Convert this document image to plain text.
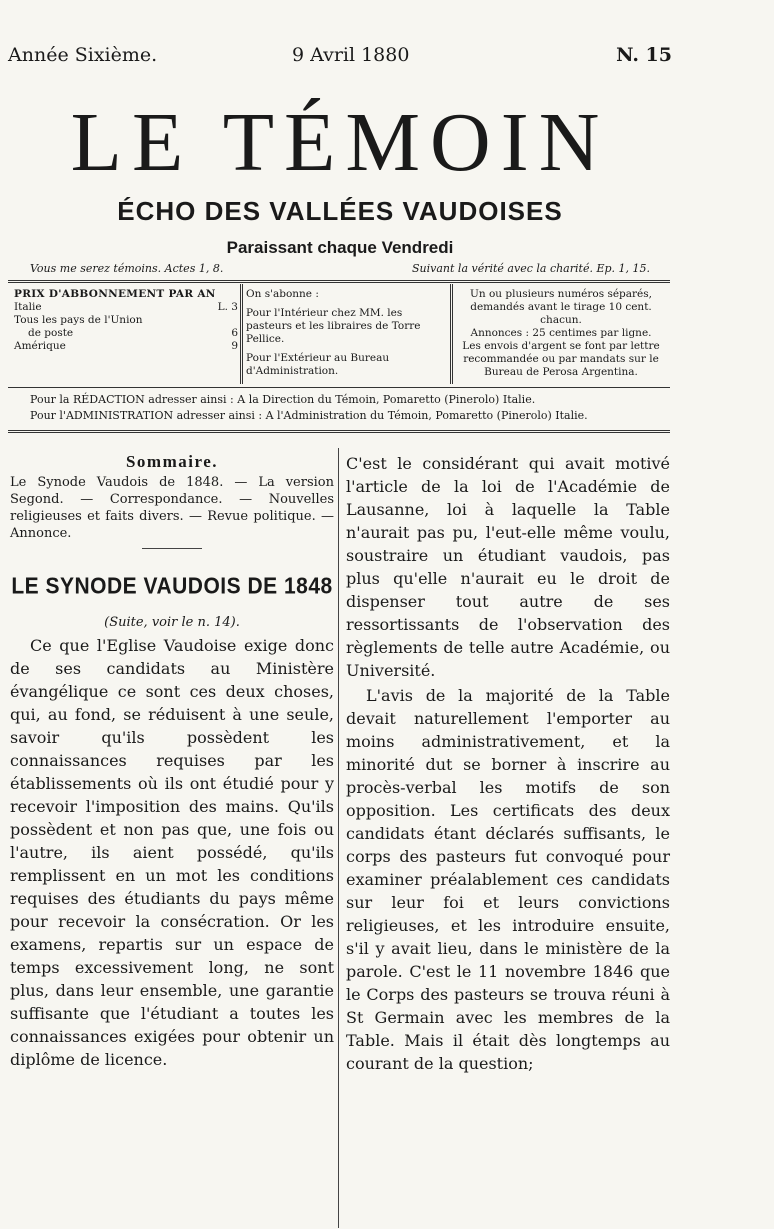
Année Sixième.	9 Avril 1880	N. 15
LE TÉMOIN
ÉCHO DES VALLÉES VAUDOISES
Paraissant chaque Vendredi
Vous me serez témoins. Actes 1, 8.	Suivant la vérité avec la charité. Ep. 1, 15.
PRIX D'ABBONNEMENT PAR AN
Italie	L. 3
Tous les pays de l'Union
de poste	6
Amérique	9
On s'abonne :
Pour l'Intérieur chez MM. les pasteurs et les libraires de Torre Pellice.
Pour l'Extérieur au Bureau d'Administration.
Un ou plusieurs numéros séparés, demandés avant le tirage 10 cent. chacun.
Annonces : 25 centimes par ligne.
Les envois d'argent se font par lettre recommandée ou par mandats sur le Bureau de Perosa Argentina.
Pour la RÉDACTION adresser ainsi : A la Direction du Témoin, Pomaretto (Pinerolo) Italie.
Pour l'ADMINISTRATION adresser ainsi : A l'Administration du Témoin, Pomaretto (Pinerolo) Italie.
Sommaire.
Le Synode Vaudois de 1848. — La version Segond. — Correspondance. — Nouvelles religieuses et faits divers. — Revue politique. — Annonce.
LE SYNODE VAUDOIS DE 1848
(Suite, voir le n. 14).

Ce que l'Eglise Vaudoise exige donc de ses candidats au Ministère évangélique ce sont ces deux choses, qui, au fond, se réduisent à une seule, savoir qu'ils possèdent les connaissances requises par les établissements où ils ont étudié pour y recevoir l'imposition des mains. Qu'ils possèdent et non pas que, une fois ou l'autre, ils aient possédé, qu'ils remplissent en un mot les conditions requises des étudiants du pays même pour recevoir la consécration. Or les examens, repartis sur un espace de temps excessivement long, ne sont plus, dans leur ensemble, une garantie suffisante que l'étudiant a toutes les connaissances exigées pour obtenir un diplôme de licence.

C'est le considérant qui avait motivé l'article de la loi de l'Académie de Lausanne, loi à laquelle la Table n'aurait pas pu, l'eut-elle même voulu, soustraire un étudiant vaudois, pas plus qu'elle n'aurait eu le droit de dispenser tout autre de ses ressortissants de l'observation des règlements de telle autre Académie, ou Université.

L'avis de la majorité de la Table devait naturellement l'emporter au moins administrativement, et la minorité dut se borner à inscrire au procès-verbal les motifs de son opposition. Les certificats des deux candidats étant déclarés suffisants, le corps des pasteurs fut convoqué pour examiner préalablement ces candidats sur leur foi et leurs convictions religieuses, et les introduire ensuite, s'il y avait lieu, dans le ministère de la parole. C'est le 11 novembre 1846 que le Corps des pasteurs se trouva réuni à St Germain avec les membres de la Table. Mais il était dès longtemps au courant de la question;
